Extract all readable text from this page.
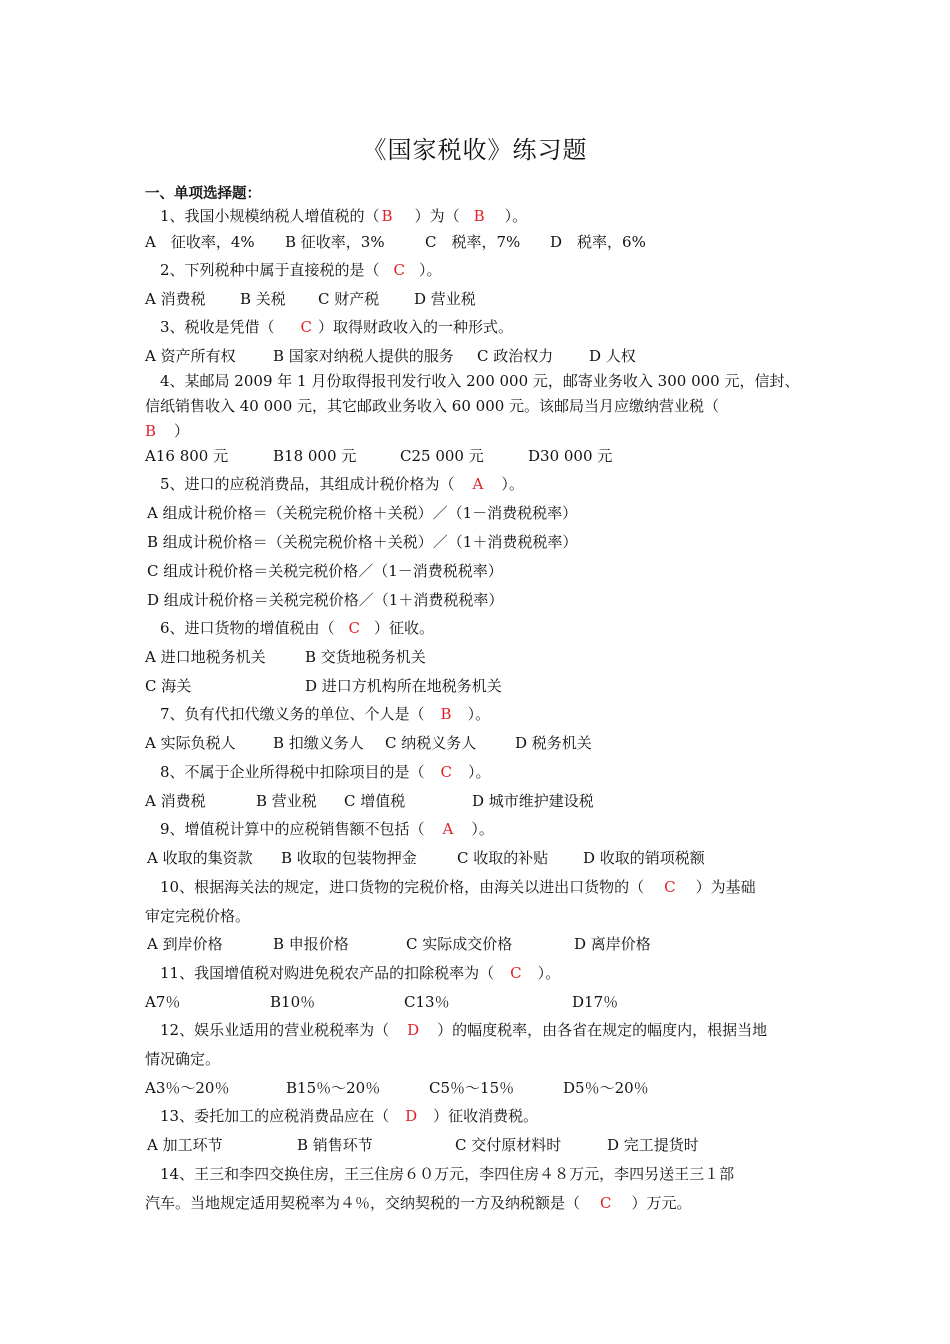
《国家税收》练习题
一、单项选择题：
1、我国小规模纳税人增值税的（ B ）为（ B ）。
A　征收率，4% B 征收率，3%	C　税率，7% D　税率，6%
2、下列税种中属于直接税的是（ C ）。
A 消费税 B 关税 C 财产税 D 营业税
3、税收是凭借（ C ）取得财政收入的一种形式。
A 资产所有权 B 国家对纳税人提供的服务 C 政治权力 D 人权
4、某邮局 2009 年 1 月份取得报刊发行收入 200 000 元，邮寄业务收入 300 000 元，信封、
信纸销售收入 40 000 元，其它邮政业务收入 60 000 元。该邮局当月应缴纳营业税（
B ）
A16 800 元	B18 000 元	C25 000 元	D30 000 元
5、进口的应税消费品，其组成计税价格为（ A ）。
A 组成计税价格＝（关税完税价格＋关税）／（1－消费税税率）
B 组成计税价格＝（关税完税价格＋关税）／（1＋消费税税率）
C 组成计税价格＝关税完税价格／（1－消费税税率）
D 组成计税价格＝关税完税价格／（1＋消费税税率）
6、进口货物的增值税由（ C ）征收。
A 进口地税务机关	B 交货地税务机关
C 海关	D 进口方机构所在地税务机关
7、负有代扣代缴义务的单位、个人是（ B ）。
A 实际负税人 B 扣缴义务人 C 纳税义务人	D 税务机关
8、不属于企业所得税中扣除项目的是（ C ）。
A 消费税	B 营业税 C 增值税	D 城市维护建设税
9、增值税计算中的应税销售额不包括（ A ）。
A 收取的集资款 B 收取的包装物押金	C 收取的补贴 D 收取的销项税额
10、根据海关法的规定，进口货物的完税价格，由海关以进出口货物的（ C ）为基础
审定完税价格。
A 到岸价格	B 申报价格	C 实际成交价格	D 离岸价格
11、我国增值税对购进免税农产品的扣除税率为（ C ）。
A7％	B10％	C13％	D17％
12、娱乐业适用的营业税税率为（ D ）的幅度税率，由各省在规定的幅度内，根据当地
情况确定。
A3％～20％	B15％～20％	C5％～15％	D5％～20％
13、委托加工的应税消费品应在（ D ）征收消费税。
A 加工环节	B 销售环节	C 交付原材料时	D 完工提货时
14、王三和李四交换住房，王三住房６０万元，李四住房４８万元，李四另送王三１部
汽车。当地规定适用契税率为４％，交纳契税的一方及纳税额是（ C ）万元。
